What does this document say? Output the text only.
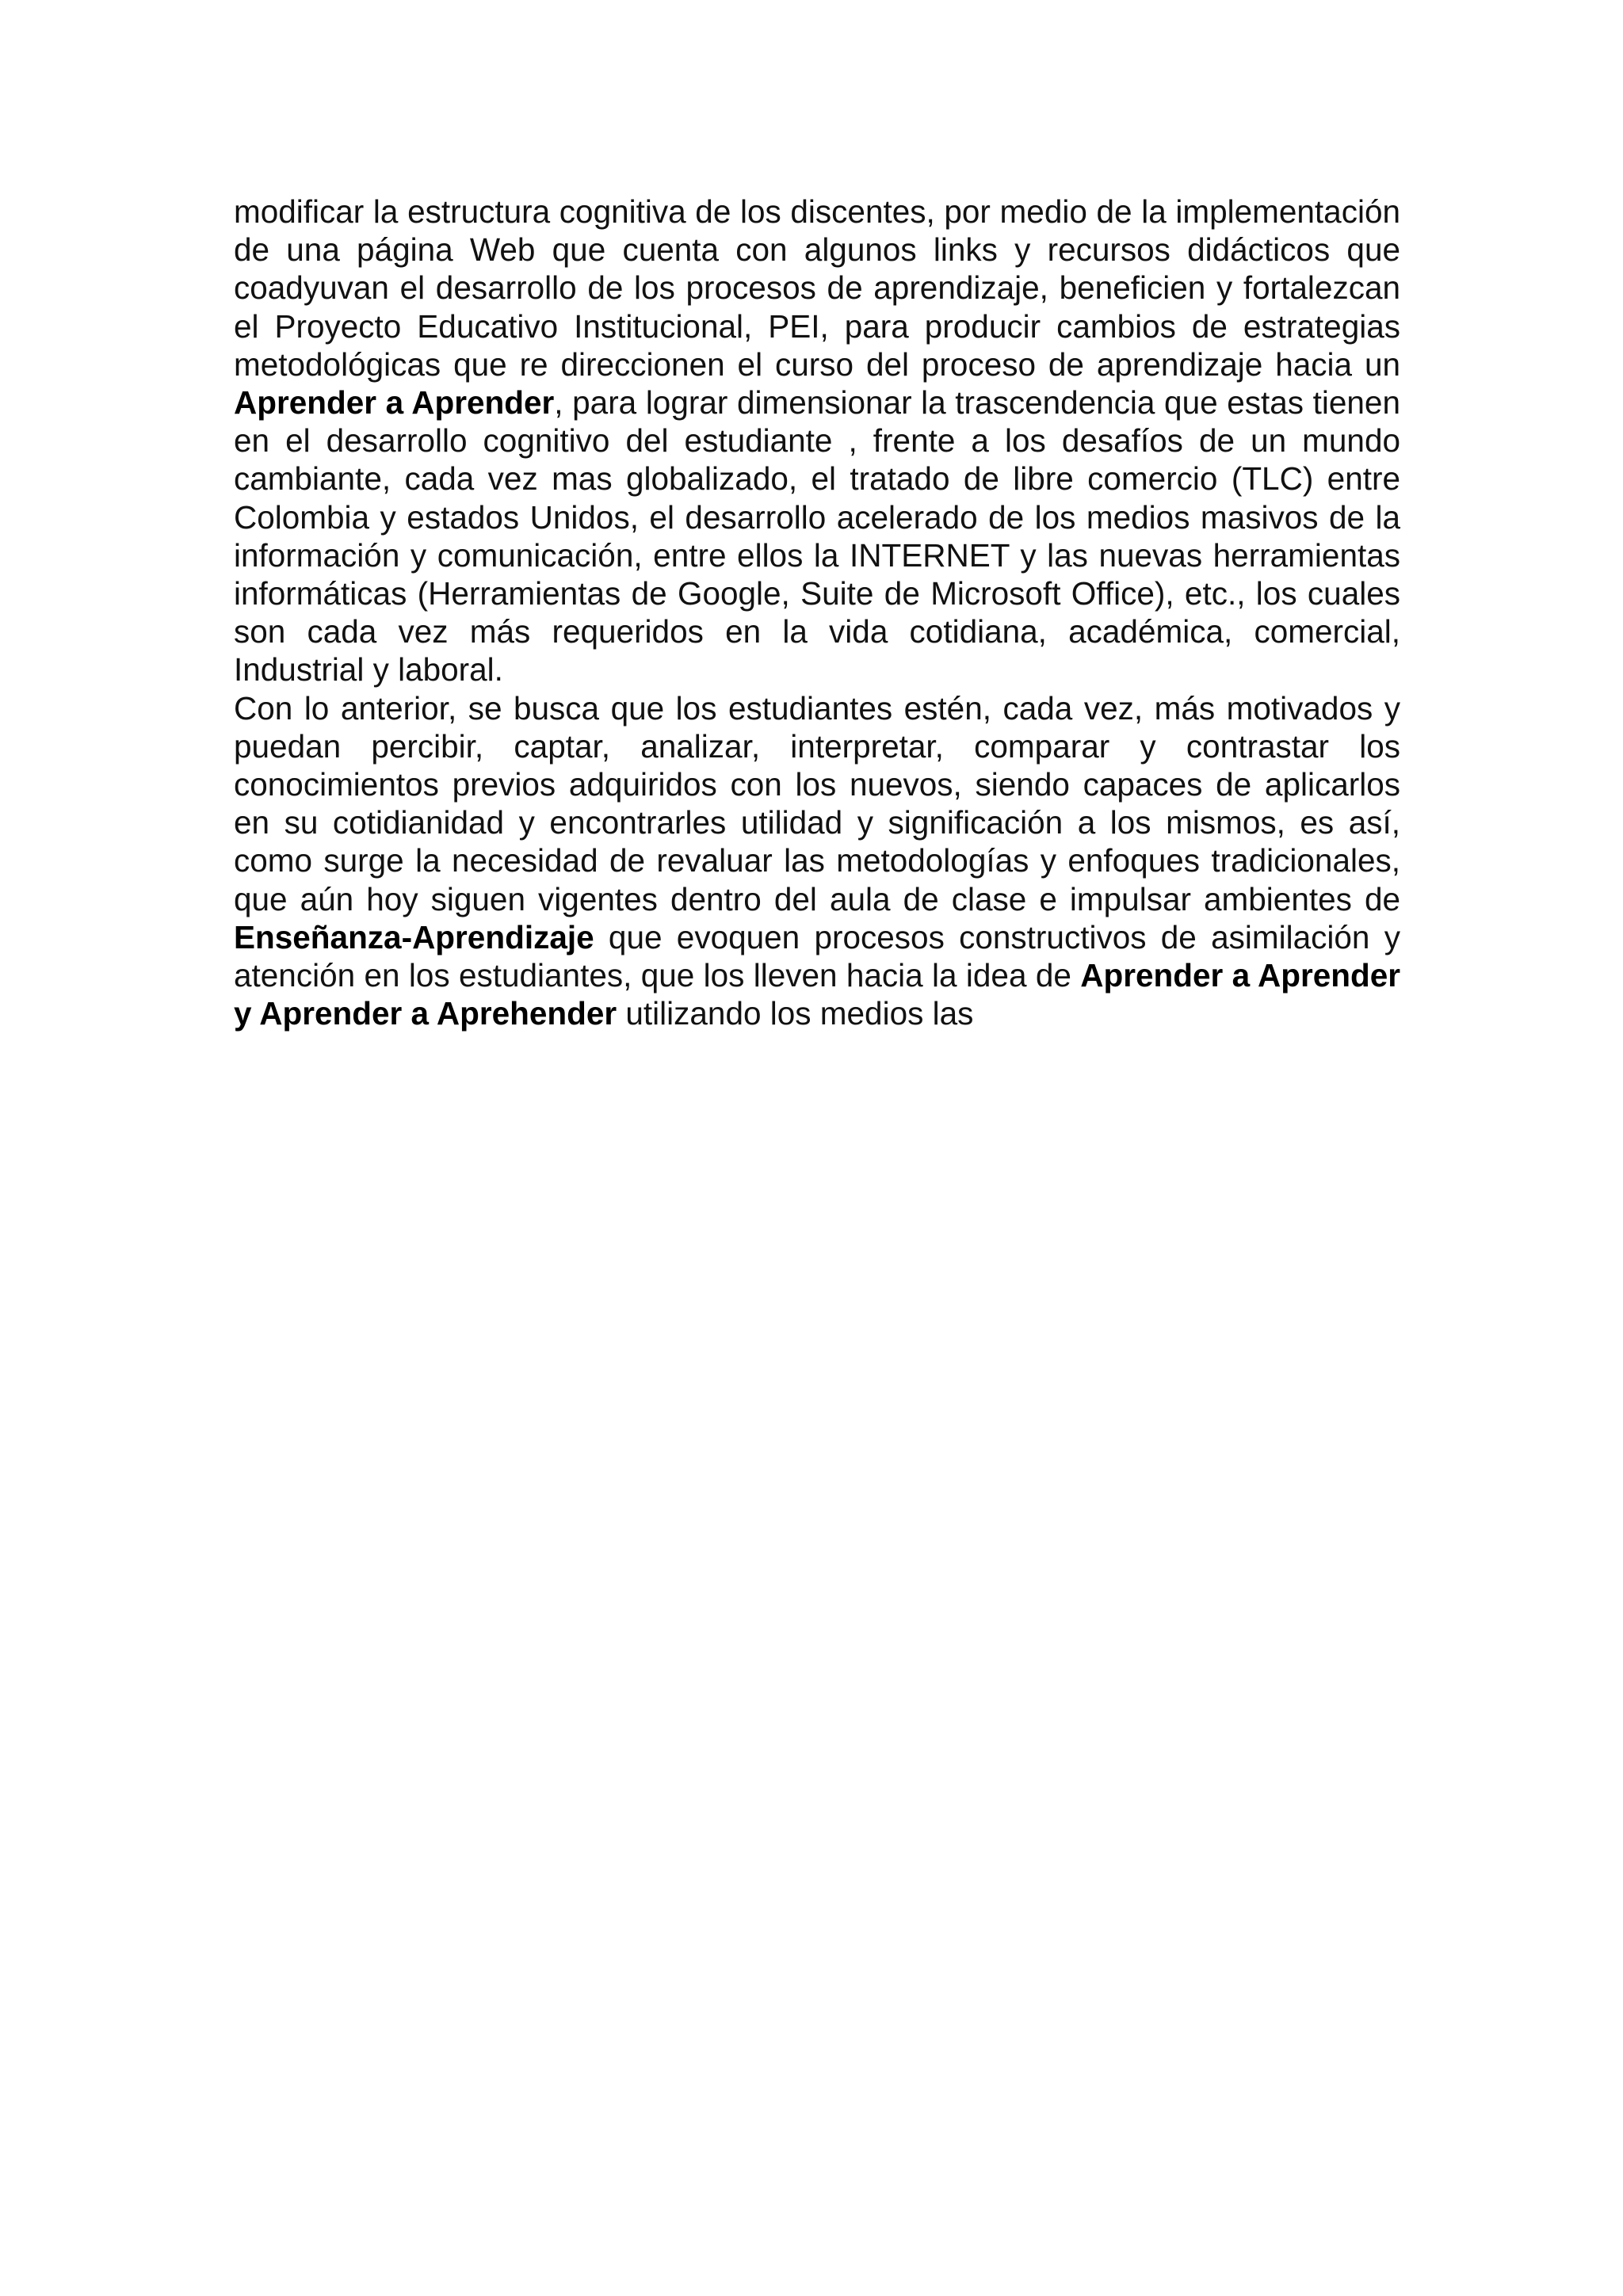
modificar la estructura cognitiva de los discentes, por medio de la implementación de una página Web que cuenta con algunos links y recursos didácticos que coadyuvan el desarrollo de los procesos de aprendizaje, beneficien y fortalezcan el Proyecto Educativo Institucional, PEI, para producir cambios de estrategias metodológicas que re direccionen el curso del proceso de aprendizaje hacia un Aprender a Aprender, para lograr dimensionar la trascendencia que estas tienen en el desarrollo cognitivo del estudiante , frente a los desafíos de un mundo cambiante, cada vez mas globalizado, el tratado de libre comercio (TLC) entre Colombia y estados Unidos, el desarrollo acelerado de los medios masivos de la información y comunicación, entre ellos la INTERNET y las nuevas herramientas informáticas (Herramientas de Google, Suite de Microsoft Office), etc., los cuales son cada vez más requeridos en la vida cotidiana, académica, comercial, Industrial y laboral.

Con lo anterior, se busca que los estudiantes estén, cada vez, más motivados y puedan percibir, captar, analizar, interpretar, comparar y contrastar los conocimientos previos adquiridos con los nuevos, siendo capaces de aplicarlos en su cotidianidad y encontrarles utilidad y significación a los mismos, es así, como surge la necesidad de revaluar las metodologías y enfoques tradicionales, que aún hoy siguen vigentes dentro del aula de clase e impulsar ambientes de Enseñanza-Aprendizaje que evoquen procesos constructivos de asimilación y atención en los estudiantes, que los lleven hacia la idea de Aprender a Aprender y Aprender a Aprehender utilizando los medios las
